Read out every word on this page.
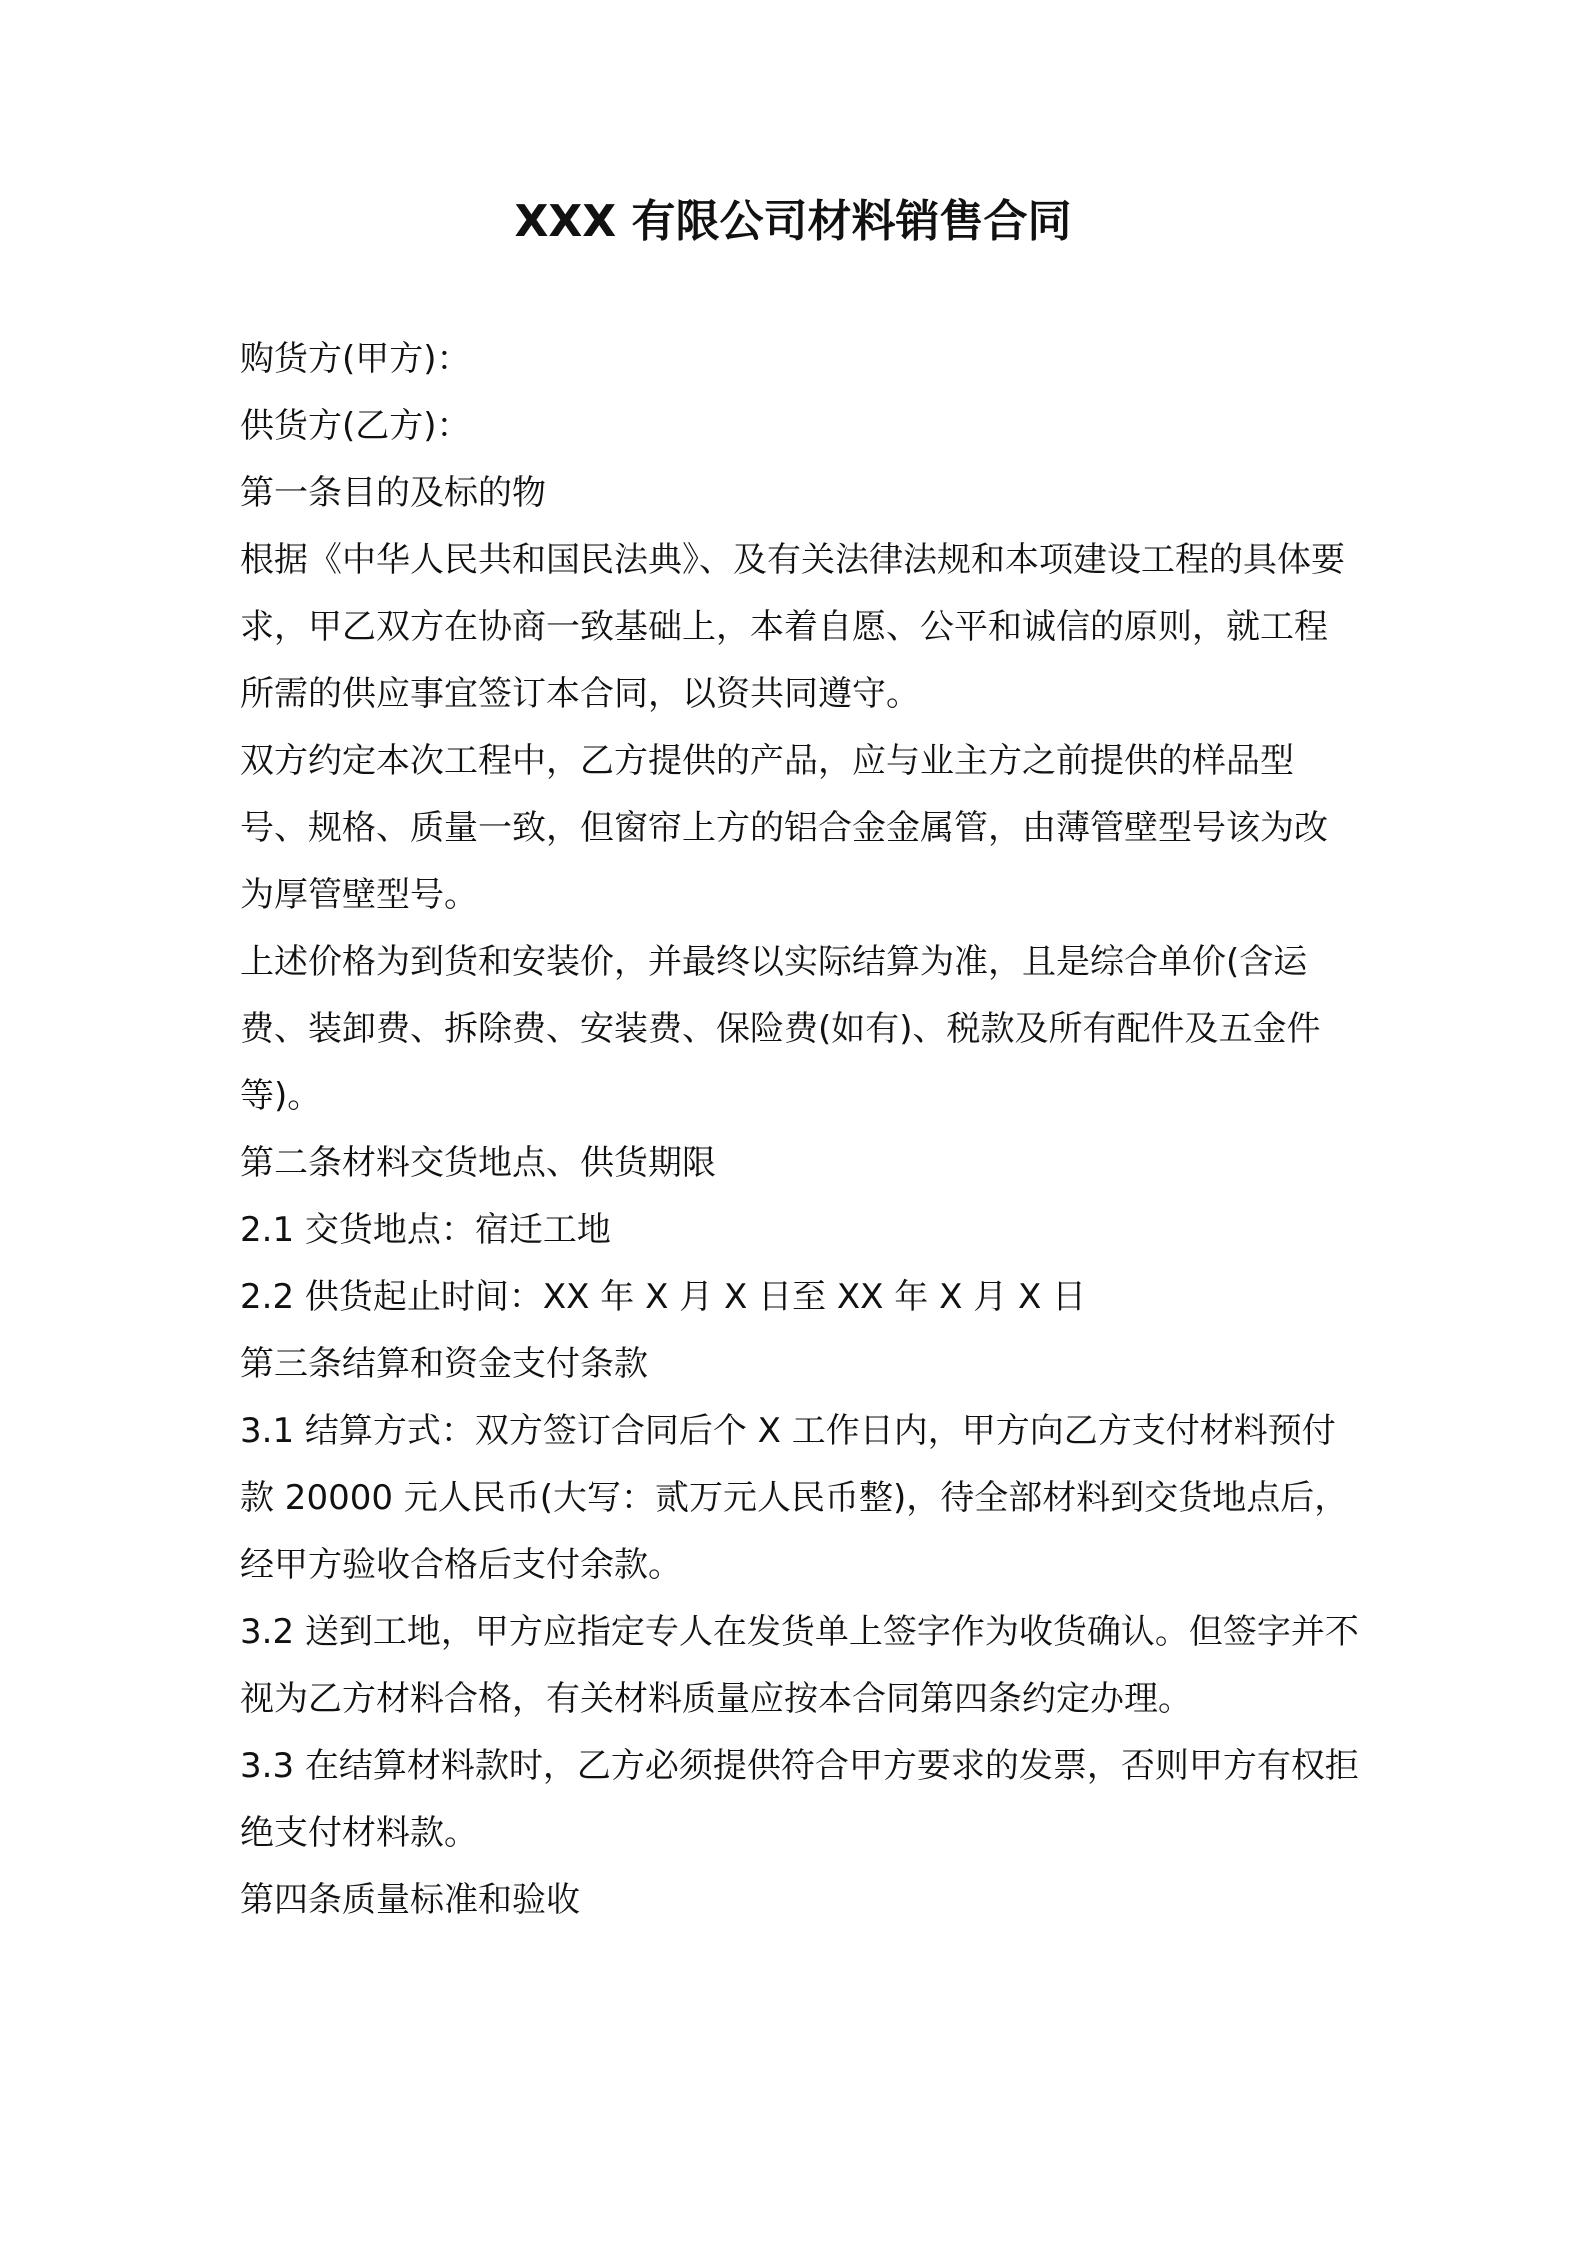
XXX 有限公司材料销售合同

购货方(甲方)：

供货方(乙方)：

第一条目的及标的物

根据《中华人民共和国民法典》、及有关法律法规和本项建设工程的具体要求，甲乙双方在协商一致基础上，本着自愿、公平和诚信的原则，就工程所需的供应事宜签订本合同，以资共同遵守。

双方约定本次工程中，乙方提供的产品，应与业主方之前提供的样品型号、规格、质量一致，但窗帘上方的铝合金金属管，由薄管壁型号该为改为厚管壁型号。

上述价格为到货和安装价，并最终以实际结算为准，且是综合单价(含运费、装卸费、拆除费、安装费、保险费(如有)、税款及所有配件及五金件等)。

第二条材料交货地点、供货期限

2.1 交货地点：宿迁工地

2.2 供货起止时间：XX 年 X 月 X 日至 XX 年 X 月 X 日

第三条结算和资金支付条款

3.1 结算方式：双方签订合同后个 X 工作日内，甲方向乙方支付材料预付款 20000 元人民币(大写：贰万元人民币整)，待全部材料到交货地点后，经甲方验收合格后支付余款。

3.2 送到工地，甲方应指定专人在发货单上签字作为收货确认。但签字并不视为乙方材料合格，有关材料质量应按本合同第四条约定办理。

3.3 在结算材料款时，乙方必须提供符合甲方要求的发票，否则甲方有权拒绝支付材料款。

第四条质量标准和验收
